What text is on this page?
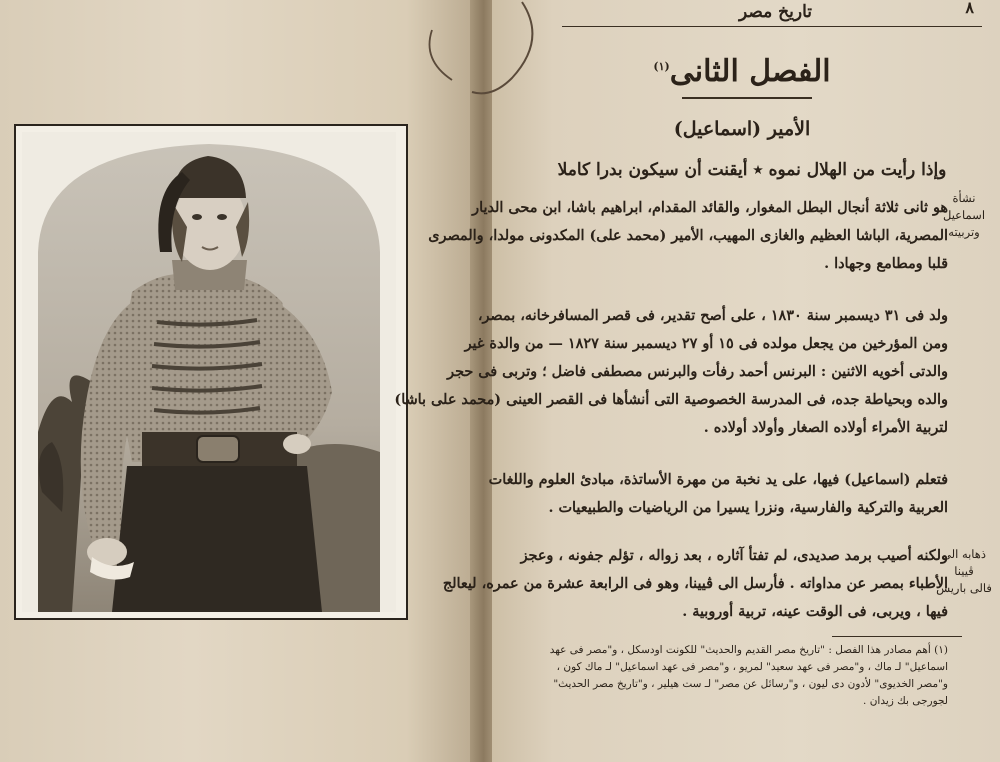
٨
تاريخ مصر
الفصل الثانى$^{(١)}$
الأمير (اسماعيل)
وإذا رأيت من الهلال نموه ٭ أيقنت أن سيكون بدرا كاملا
هو ثانى ثلاثة أنجال البطل المغوار، والقائد المقدام، ابراهيم باشا، ابن محى الديار
المصرية، الباشا العظيم والغازى المهيب، الأمير (محمد على) المكدونى مولدا، والمصرى
قلبا ومطامع وجهادا .
ولد فى ٣١ ديسمبر سنة ١٨٣٠ ، على أصح تقدير، فى قصر المسافرخانه، بمصر،
ومن المؤرخين من يجعل مولده فى ١٥ أو ٢٧ ديسمبر سنة ١٨٢٧ — من والدة غير
والدتى أخويه الاثنين : البرنس أحمد رفأت والبرنس مصطفى فاضل ؛ وتربى فى حجر
والده وبحياطة جده، فى المدرسة الخصوصية التى أنشأها فى القصر العينى (محمد على باشا)
لتربية الأمراء أولاده الصغار وأولاد أولاده .
فتعلم (اسماعيل) فيها، على يد نخبة من مهرة الأساتذة، مبادئ العلوم واللغات
العربية والتركية والفارسية، ونزرا يسيرا من الرياضيات والطبيعيات .
ولكنه أصيب برمد صديدى، لم تفتأ آثاره ، بعد زواله ، تؤلم جفونه ، وعجز
الأطباء بمصر عن مداواته . فأرسل الى ڤيينا، وهو فى الرابعة عشرة من عمره، ليعالج
فيها ، ويربى، فى الوقت عينه، تربية أوروبية .
نشأة اسماعيل
وتربيته
ذهابه الى ڤيينا
فالى باريس
(١) أهم مصادر هذا الفصل : "تاريخ مصر القديم والحديث" للكونت اودسكل ، و"مصر فى عهد
اسماعيل" لـ ماك ، و"مصر فى عهد سعيد" لمريو ، و"مصر فى عهد اسماعيل" لـ ماك كون ،
و"مصر الخديوى" لأدون دى ليون ، و"رسائل عن مصر" لـ ست هيلير ، و"تاريخ مصر الحديث"
لجورجى بك زيدان .
